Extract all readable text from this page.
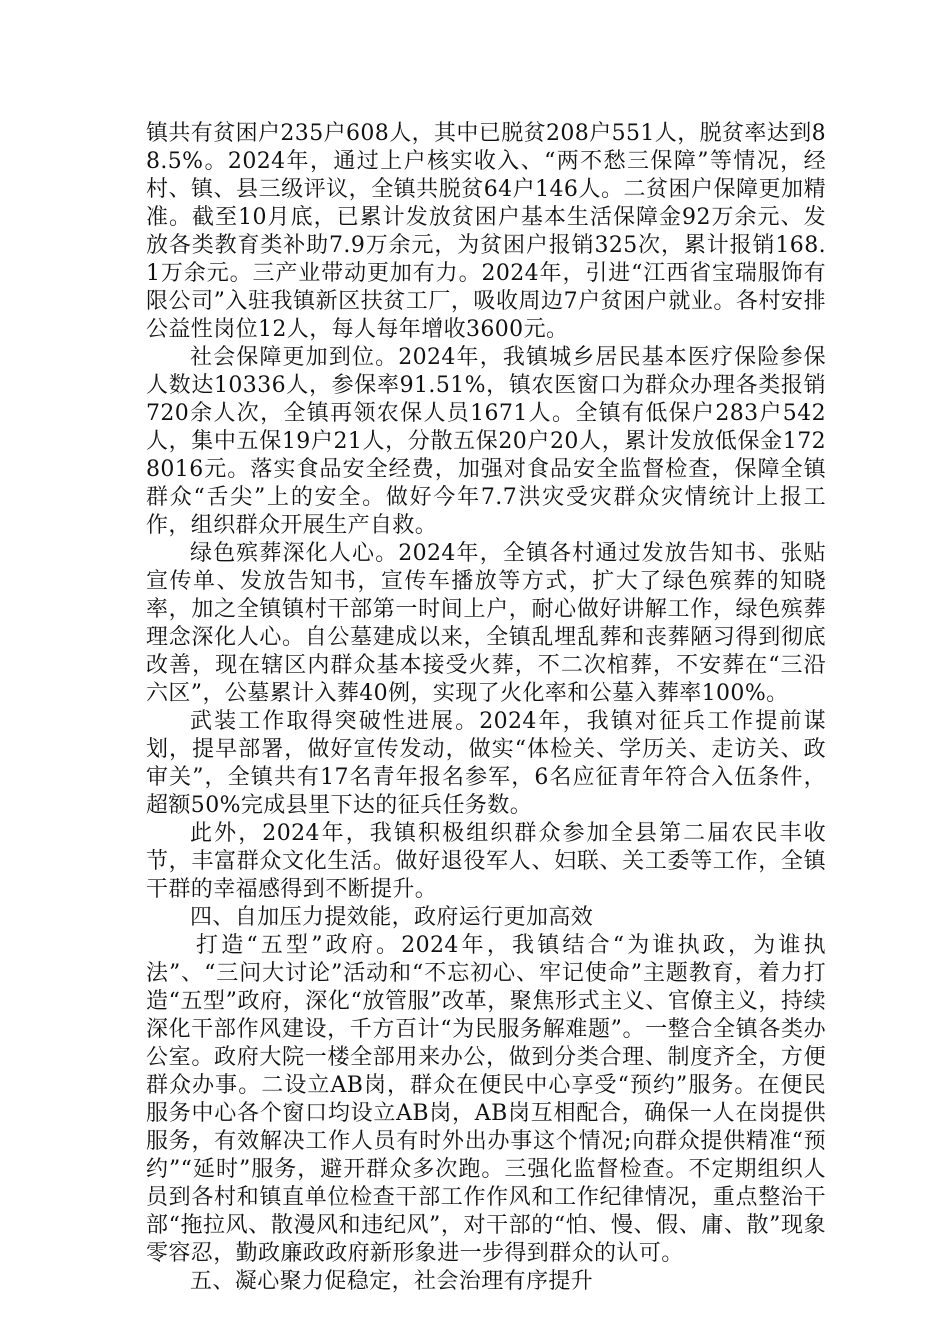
镇共有贫困户235户608人，其中已脱贫208户551人，脱贫率达到88.5%。2024年，通过上户核实收入、“两不愁三保障”等情况，经村、镇、县三级评议，全镇共脱贫64户146人。二贫困户保障更加精准。截至10月底，已累计发放贫困户基本生活保障金92万余元、发放各类教育类补助7.9万余元，为贫困户报销325次，累计报销168.1万余元。三产业带动更加有力。2024年，引进“江西省宝瑞服饰有限公司”入驻我镇新区扶贫工厂，吸收周边7户贫困户就业。各村安排公益性岗位12人，每人每年增收3600元。

社会保障更加到位。2024年，我镇城乡居民基本医疗保险参保人数达10336人，参保率91.51%，镇农医窗口为群众办理各类报销720余人次，全镇再领农保人员1671人。全镇有低保户283户542人，集中五保19户21人，分散五保20户20人，累计发放低保金1728016元。落实食品安全经费，加强对食品安全监督检查，保障全镇群众“舌尖”上的安全。做好今年7.7洪灾受灾群众灾情统计上报工作，组织群众开展生产自救。

绿色殡葬深化人心。2024年，全镇各村通过发放告知书、张贴宣传单、发放告知书，宣传车播放等方式，扩大了绿色殡葬的知晓率，加之全镇镇村干部第一时间上户，耐心做好讲解工作，绿色殡葬理念深化人心。自公墓建成以来，全镇乱埋乱葬和丧葬陋习得到彻底改善，现在辖区内群众基本接受火葬，不二次棺葬，不安葬在“三沿六区”，公墓累计入葬40例，实现了火化率和公墓入葬率100%。

武装工作取得突破性进展。2024年，我镇对征兵工作提前谋划，提早部署，做好宣传发动，做实“体检关、学历关、走访关、政审关”，全镇共有17名青年报名参军，6名应征青年符合入伍条件，超额50%完成县里下达的征兵任务数。

此外，2024年，我镇积极组织群众参加全县第二届农民丰收节，丰富群众文化生活。做好退役军人、妇联、关工委等工作，全镇干群的幸福感得到不断提升。

四、自加压力提效能，政府运行更加高效

打造“五型”政府。2024年，我镇结合“为谁执政，为谁执法”、“三问大讨论”活动和“不忘初心、牢记使命”主题教育，着力打造“五型”政府，深化“放管服”改革，聚焦形式主义、官僚主义，持续深化干部作风建设，千方百计“为民服务解难题”。一整合全镇各类办公室。政府大院一楼全部用来办公，做到分类合理、制度齐全，方便群众办事。二设立AB岗，群众在便民中心享受“预约”服务。在便民服务中心各个窗口均设立AB岗，AB岗互相配合，确保一人在岗提供服务，有效解决工作人员有时外出办事这个情况;向群众提供精准“预约”“延时”服务，避开群众多次跑。三强化监督检查。不定期组织人员到各村和镇直单位检查干部工作作风和工作纪律情况，重点整治干部“拖拉风、散漫风和违纪风”，对干部的“怕、慢、假、庸、散”现象零容忍，勤政廉政政府新形象进一步得到群众的认可。

五、凝心聚力促稳定，社会治理有序提升
